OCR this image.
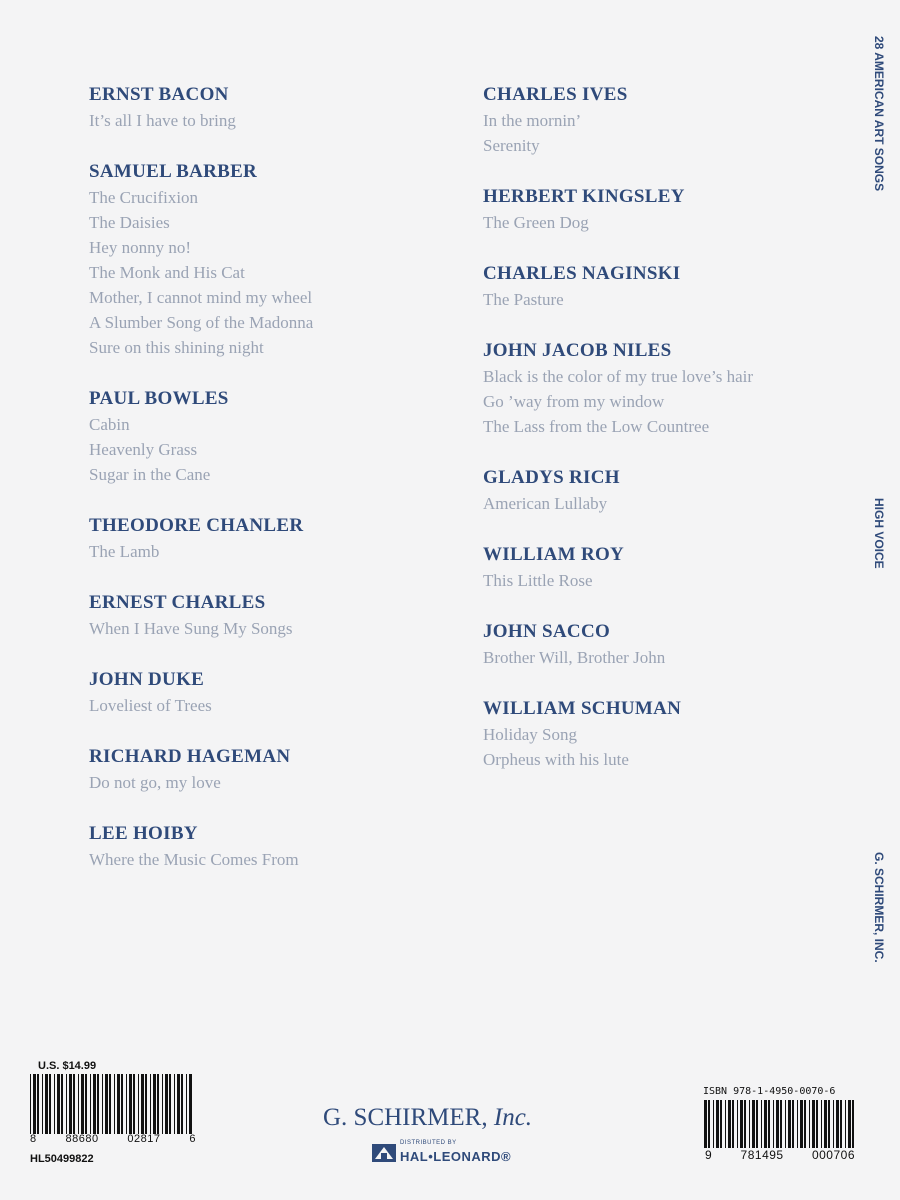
ERNST BACON
It’s all I have to bring
SAMUEL BARBER
The Crucifixion
The Daisies
Hey nonny no!
The Monk and His Cat
Mother, I cannot mind my wheel
A Slumber Song of the Madonna
Sure on this shining night
PAUL BOWLES
Cabin
Heavenly Grass
Sugar in the Cane
THEODORE CHANLER
The Lamb
ERNEST CHARLES
When I Have Sung My Songs
JOHN DUKE
Loveliest of Trees
RICHARD HAGEMAN
Do not go, my love
LEE HOIBY
Where the Music Comes From
CHARLES IVES
In the mornin’
Serenity
HERBERT KINGSLEY
The Green Dog
CHARLES NAGINSKI
The Pasture
JOHN JACOB NILES
Black is the color of my true love’s hair
Go ’way from my window
The Lass from the Low Countree
GLADYS RICH
American Lullaby
WILLIAM ROY
This Little Rose
JOHN SACCO
Brother Will, Brother John
WILLIAM SCHUMAN
Holiday Song
Orpheus with his lute
28 AMERICAN ART SONGS
HIGH VOICE
G. SCHIRMER, INC.
U.S. $14.99
8	88680	02817	6
HL50499822
G. SCHIRMER, Inc.
DISTRIBUTED BY
HAL•LEONARD®
ISBN 978-1-4950-0070-6
9 781495 000706
